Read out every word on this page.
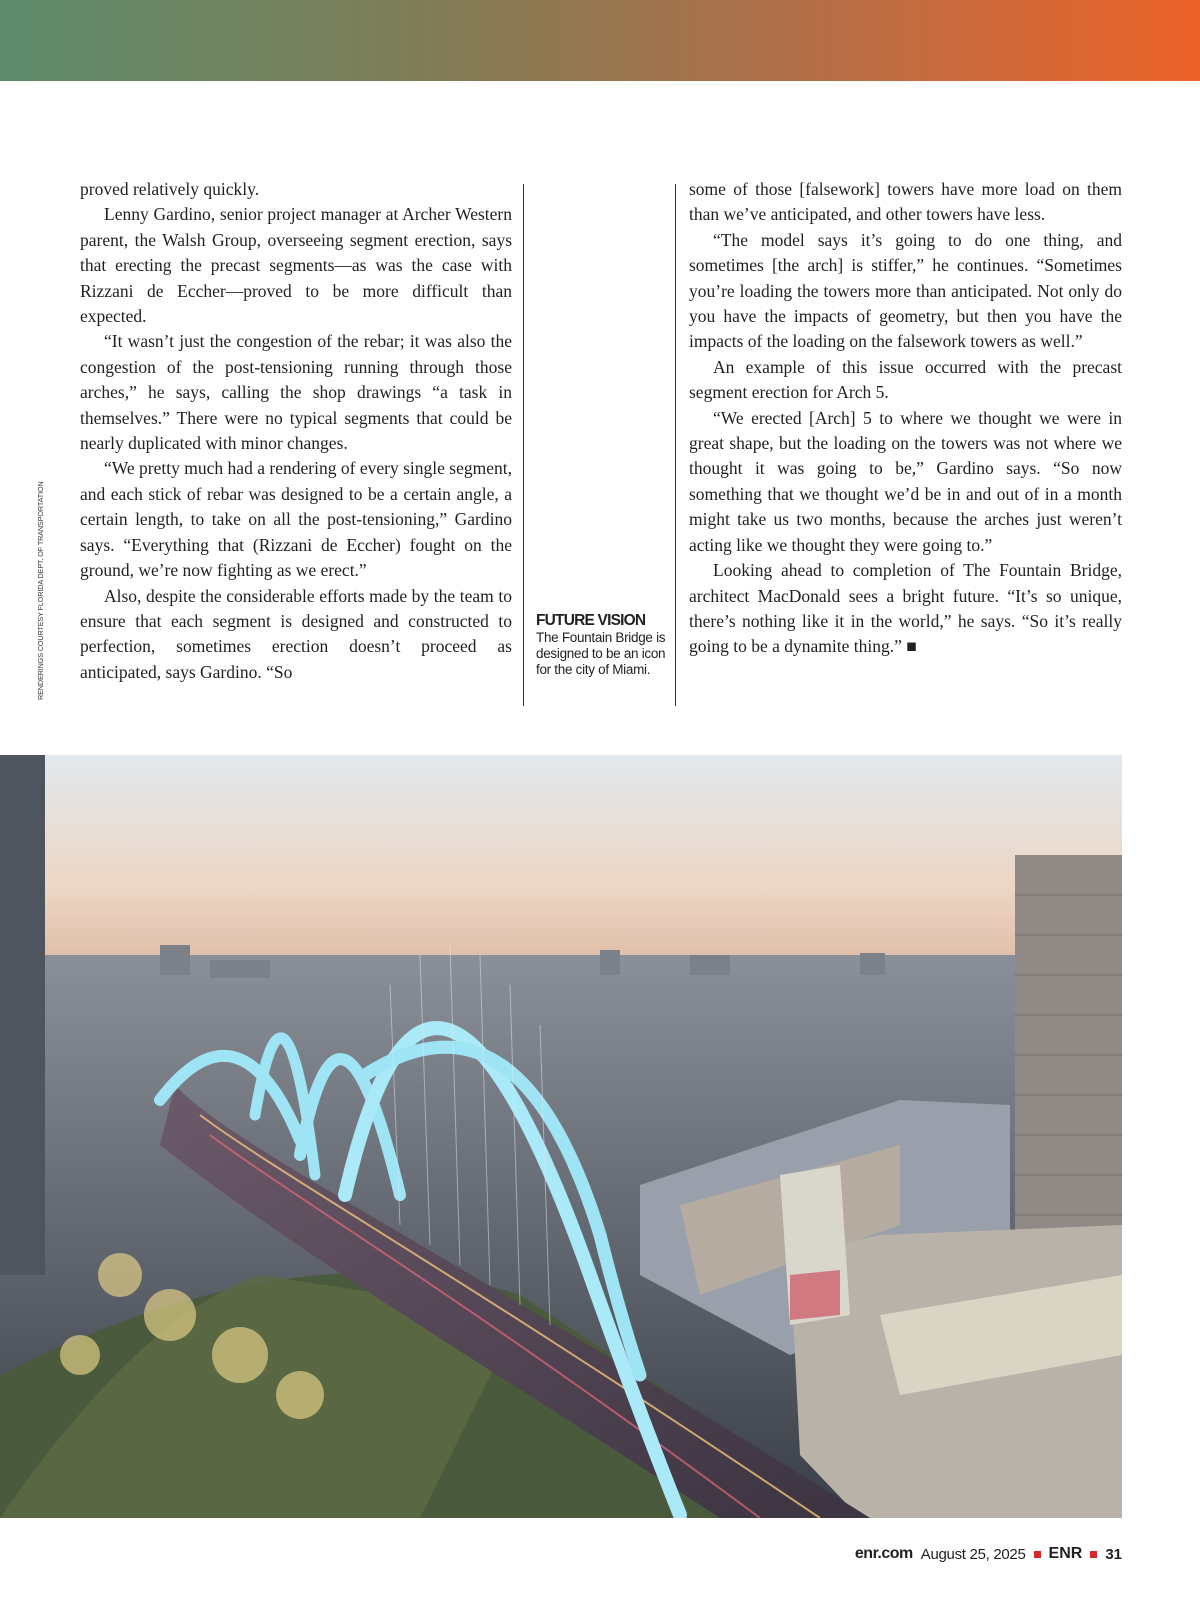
RENDERINGS COURTESY FLORIDA DEPT. OF TRANSPORTATION

proved relatively quickly.

Lenny Gardino, senior project manager at Archer Western parent, the Walsh Group, overseeing segment erection, says that erecting the precast segments—as was the case with Rizzani de Eccher—proved to be more difficult than expected.

“It wasn’t just the congestion of the rebar; it was also the congestion of the post-tensioning running through those arches,” he says, calling the shop drawings “a task in themselves.” There were no typical segments that could be nearly duplicated with minor changes.

“We pretty much had a rendering of every single segment, and each stick of rebar was designed to be a certain angle, a certain length, to take on all the post-tensioning,” Gardino says. “Everything that (Rizzani de Eccher) fought on the ground, we’re now fighting as we erect.”

Also, despite the considerable efforts made by the team to ensure that each segment is designed and constructed to perfection, sometimes erection doesn’t proceed as anticipated, says Gardino. “So

FUTURE VISION
The Fountain Bridge is designed to be an icon for the city of Miami.

some of those [falsework] towers have more load on them than we’ve anticipated, and other towers have less.

“The model says it’s going to do one thing, and sometimes [the arch] is stiffer,” he continues. “Sometimes you’re loading the towers more than anticipated. Not only do you have the impacts of geometry, but then you have the impacts of the loading on the falsework towers as well.”

An example of this issue occurred with the precast segment erection for Arch 5.

“We erected [Arch] 5 to where we thought we were in great shape, but the loading on the towers was not where we thought it was going to be,” Gardino says. “So now something that we thought we’d be in and out of in a month might take us two months, because the arches just weren’t acting like we thought they were going to.”

Looking ahead to completion of The Fountain Bridge, architect MacDonald sees a bright future. “It’s so unique, there’s nothing like it in the world,” he says. “So it’s really going to be a dynamite thing.” ■

enr.com August 25, 2025 ENR 31
